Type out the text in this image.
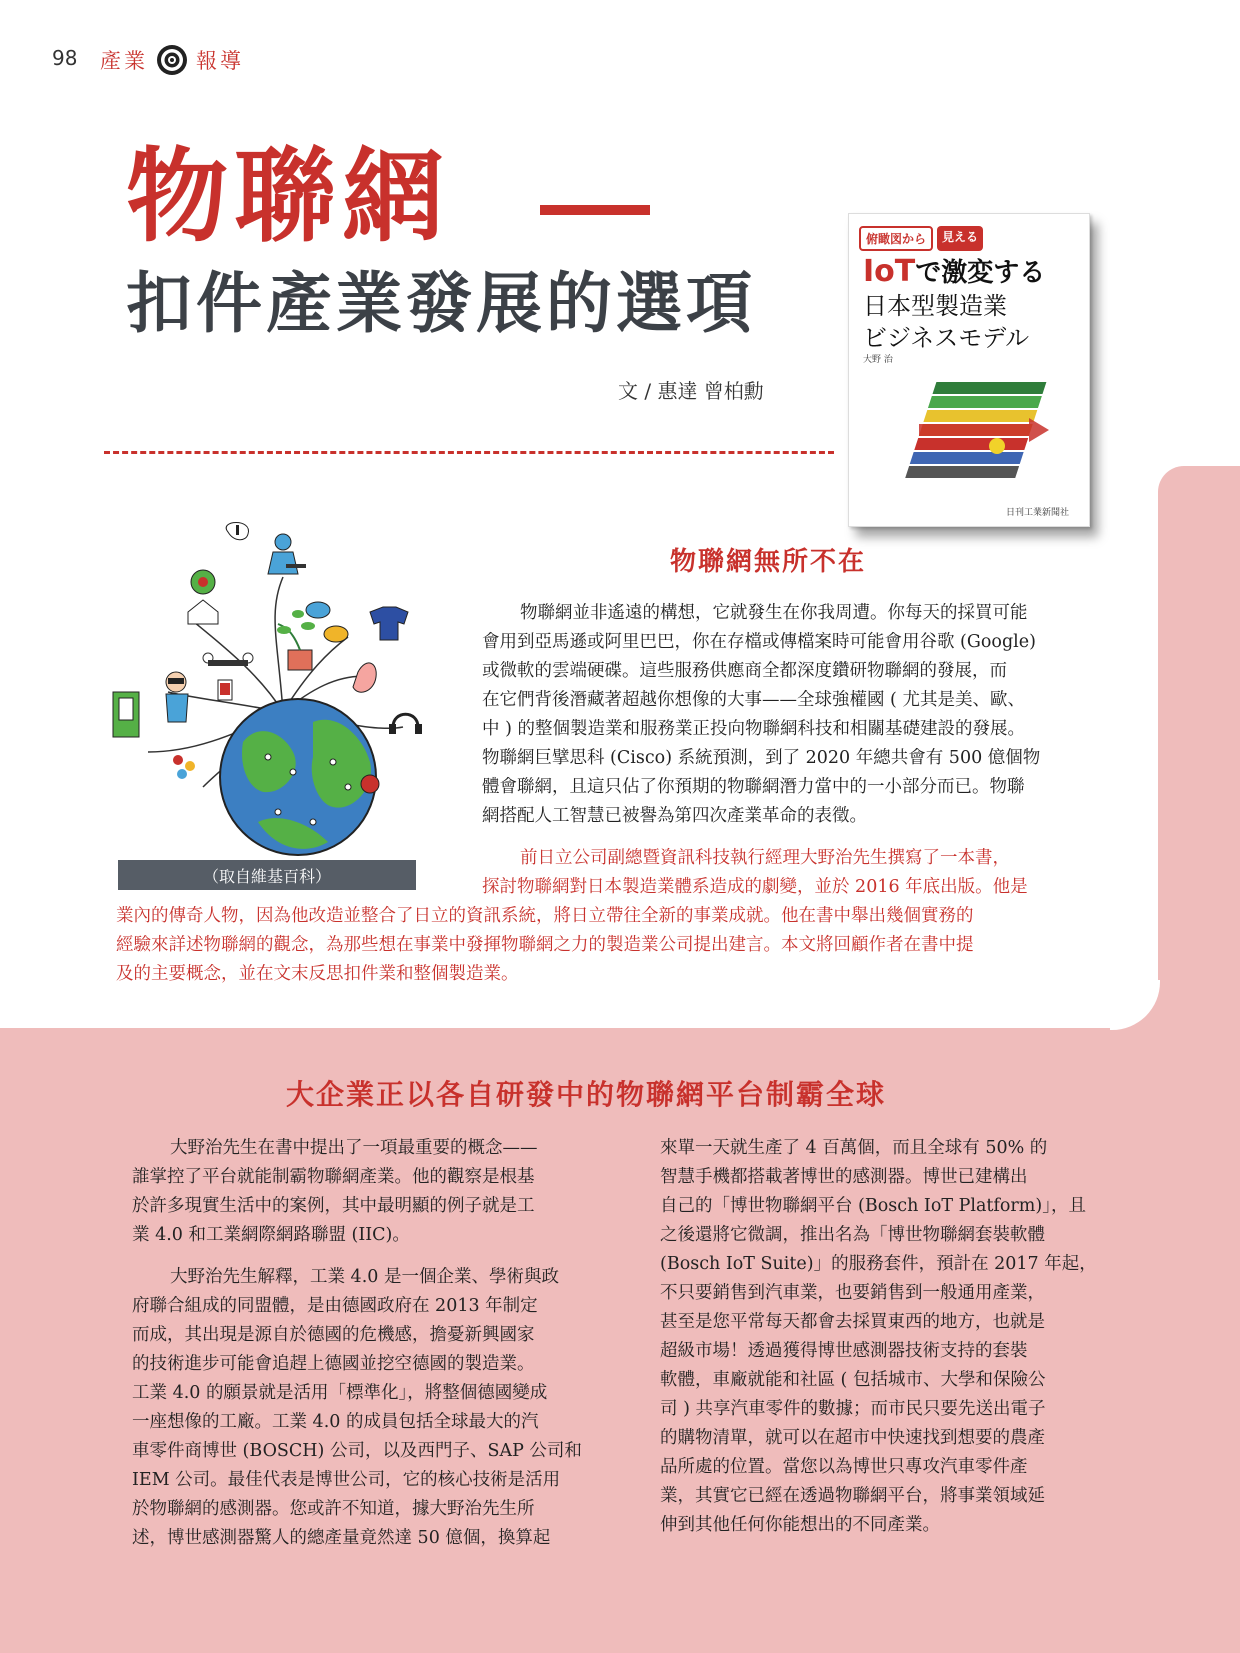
98 產業 報導
物聯網
扣件產業發展的選項
文 / 惠達 曾柏勳
俯瞰図から	見える
IoTで激変する
日本型製造業
ビジネスモデル
大野 治
日刊工業新聞社
（取自維基百科）
物聯網無所不在
物聯網並非遙遠的構想，它就發生在你我周遭。你每天的採買可能
會用到亞馬遜或阿里巴巴，你在存檔或傳檔案時可能會用谷歌 (Google)
或微軟的雲端硬碟。這些服務供應商全都深度鑽研物聯網的發展，而
在它們背後潛藏著超越你想像的大事——全球強權國 ( 尤其是美、歐、
中 ) 的整個製造業和服務業正投向物聯網科技和相關基礎建設的發展。
物聯網巨擘思科 (Cisco) 系統預測，到了 2020 年總共會有 500 億個物
體會聯網，且這只佔了你預期的物聯網潛力當中的一小部分而已。物聯
網搭配人工智慧已被譽為第四次產業革命的表徵。
前日立公司副總暨資訊科技執行經理大野治先生撰寫了一本書，
探討物聯網對日本製造業體系造成的劇變，並於 2016 年底出版。他是
業內的傳奇人物，因為他改造並整合了日立的資訊系統，將日立帶往全新的事業成就。他在書中舉出幾個實務的
經驗來詳述物聯網的觀念，為那些想在事業中發揮物聯網之力的製造業公司提出建言。本文將回顧作者在書中提
及的主要概念，並在文末反思扣件業和整個製造業。
大企業正以各自研發中的物聯網平台制霸全球
大野治先生在書中提出了一項最重要的概念——
誰掌控了平台就能制霸物聯網產業。他的觀察是根基
於許多現實生活中的案例，其中最明顯的例子就是工
業 4.0 和工業網際網路聯盟 (IIC)。
大野治先生解釋，工業 4.0 是一個企業、學術與政
府聯合組成的同盟體，是由德國政府在 2013 年制定
而成，其出現是源自於德國的危機感，擔憂新興國家
的技術進步可能會追趕上德國並挖空德國的製造業。
工業 4.0 的願景就是活用「標準化」，將整個德國變成
一座想像的工廠。工業 4.0 的成員包括全球最大的汽
車零件商博世 (BOSCH) 公司，以及西門子、SAP 公司和
IEM 公司。最佳代表是博世公司，它的核心技術是活用
於物聯網的感測器。您或許不知道，據大野治先生所
述，博世感測器驚人的總產量竟然達 50 億個，換算起
來單一天就生產了 4 百萬個，而且全球有 50% 的
智慧手機都搭載著博世的感測器。博世已建構出
自己的「博世物聯網平台 (Bosch IoT Platform)」，且
之後還將它微調，推出名為「博世物聯網套裝軟體
(Bosch IoT Suite)」的服務套件，預計在 2017 年起，
不只要銷售到汽車業，也要銷售到一般通用產業，
甚至是您平常每天都會去採買東西的地方，也就是
超級市場！透過獲得博世感測器技術支持的套裝
軟體，車廠就能和社區 ( 包括城市、大學和保險公
司 ) 共享汽車零件的數據；而市民只要先送出電子
的購物清單，就可以在超市中快速找到想要的農產
品所處的位置。當您以為博世只專攻汽車零件產
業，其實它已經在透過物聯網平台，將事業領域延
伸到其他任何你能想出的不同產業。
